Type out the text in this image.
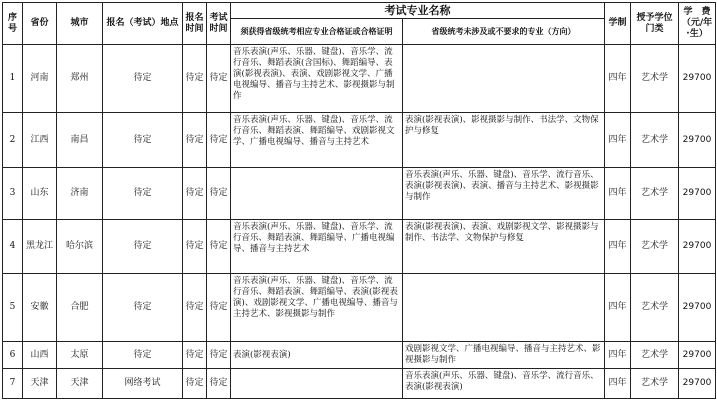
序号	省份	城市	报名（考试）地点	报名时间	考试时间	考试专业名称		学制	授予学位门类	学　费（元/年·生）
						须获得省级统考相应专业合格证或合格证明	省级统考未涉及或不要求的专业（方向）			
1	河南	郑州	待定	待定	待定	音乐表演(声乐、乐器、键盘)、音乐学、流行音乐、舞蹈表演(含国标)、舞蹈编导、表演(影视表演)、表演、戏剧影视文学、广播电视编导、播音与主持艺术、影视摄影与制作		四年	艺术学	29700
2	江西	南昌	待定	待定	待定	音乐表演(声乐、乐器、键盘)、音乐学、流行音乐、舞蹈表演、舞蹈编导、戏剧影视文学、广播电视编导、播音与主持艺术	表演(影视表演)、影视摄影与制作、书法学、文物保护与修复	四年	艺术学	29700
3	山东	济南	待定	待定	待定		音乐表演(声乐、乐器、键盘)、音乐学、流行音乐、表演(影视表演)、表演、播音与主持艺术、影视摄影与制作	四年	艺术学	29700
4	黑龙江	哈尔滨	待定	待定	待定	音乐表演(声乐、乐器、键盘)、音乐学、流行音乐、舞蹈表演、舞蹈编导、广播电视编导、播音与主持艺术	表演(影视表演)、表演、戏剧影视文学、影视摄影与制作、书法学、文物保护与修复	四年	艺术学	29700
5	安徽	合肥	待定	待定	待定	音乐表演(声乐、乐器、键盘)、音乐学、流行音乐、舞蹈表演、舞蹈编导、表演(影视表演)、戏剧影视文学、广播电视编导、播音与主持艺术、影视摄影与制作		四年	艺术学	29700
6	山西	太原	待定	待定	待定	表演(影视表演)	戏剧影视文学、广播电视编导、播音与主持艺术、影视摄影与制作	四年	艺术学	29700
7	天津	天津	网络考试	待定	待定		音乐表演(声乐、乐器、键盘)、音乐学、流行音乐、表演(影视表演)	四年	艺术学	29700
